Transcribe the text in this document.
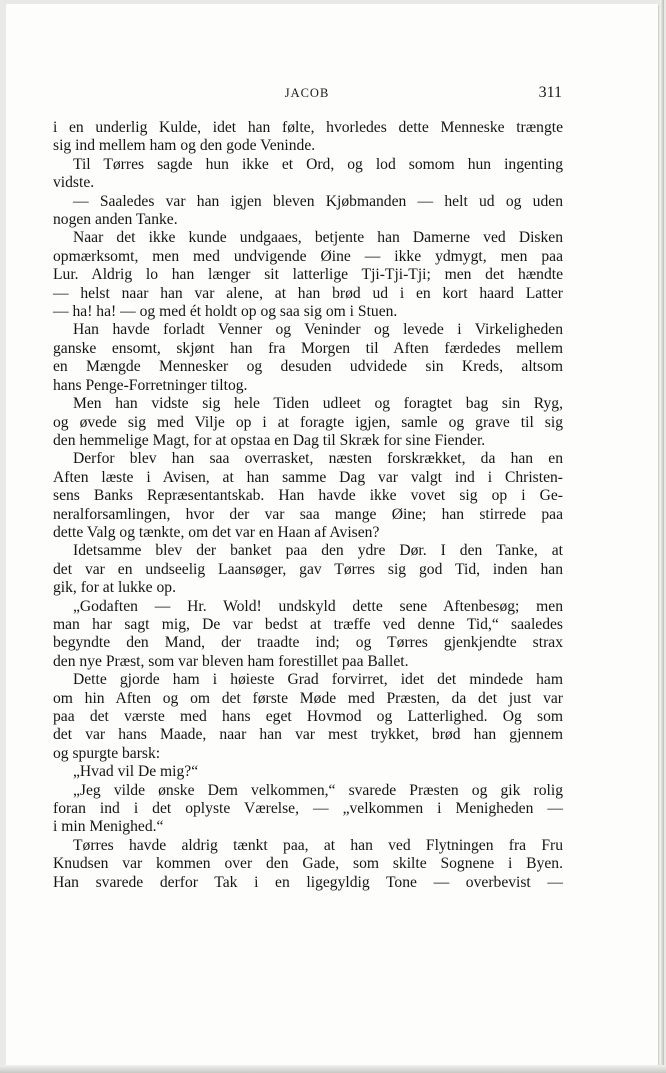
JACOB	311
i en underlig Kulde, idet han følte, hvorledes dette Menneske trængte
sig ind mellem ham og den gode Veninde.
Til Tørres sagde hun ikke et Ord, og lod somom hun ingenting
vidste.
— Saaledes var han igjen bleven Kjøbmanden — helt ud og uden
nogen anden Tanke.
Naar det ikke kunde undgaaes, betjente han Damerne ved Disken
opmærksomt, men med undvigende Øine — ikke ydmygt, men paa
Lur. Aldrig lo han længer sit latterlige Tji-Tji-Tji; men det hændte
— helst naar han var alene, at han brød ud i en kort haard Latter
— ha! ha! — og med ét holdt op og saa sig om i Stuen.
Han havde forladt Venner og Veninder og levede i Virkeligheden
ganske ensomt, skjønt han fra Morgen til Aften færdedes mellem
en Mængde Mennesker og desuden udvidede sin Kreds, altsom
hans Penge-Forretninger tiltog.
Men han vidste sig hele Tiden udleet og foragtet bag sin Ryg,
og øvede sig med Vilje op i at foragte igjen, samle og grave til sig
den hemmelige Magt, for at opstaa en Dag til Skræk for sine Fiender.
Derfor blev han saa overrasket, næsten forskrækket, da han en
Aften læste i Avisen, at han samme Dag var valgt ind i Christen-
sens Banks Repræsentantskab. Han havde ikke vovet sig op i Ge-
neralforsamlingen, hvor der var saa mange Øine; han stirrede paa
dette Valg og tænkte, om det var en Haan af Avisen?
Idetsamme blev der banket paa den ydre Dør. I den Tanke, at
det var en undseelig Laansøger, gav Tørres sig god Tid, inden han
gik, for at lukke op.
„Godaften — Hr. Wold! undskyld dette sene Aftenbesøg; men
man har sagt mig, De var bedst at træffe ved denne Tid,“ saaledes
begyndte den Mand, der traadte ind; og Tørres gjenkjendte strax
den nye Præst, som var bleven ham forestillet paa Ballet.
Dette gjorde ham i høieste Grad forvirret, idet det mindede ham
om hin Aften og om det første Møde med Præsten, da det just var
paa det værste med hans eget Hovmod og Latterlighed. Og som
det var hans Maade, naar han var mest trykket, brød han gjennem
og spurgte barsk:
„Hvad vil De mig?“
„Jeg vilde ønske Dem velkommen,“ svarede Præsten og gik rolig
foran ind i det oplyste Værelse, — „velkommen i Menigheden —
i min Menighed.“
Tørres havde aldrig tænkt paa, at han ved Flytningen fra Fru
Knudsen var kommen over den Gade, som skilte Sognene i Byen.
Han svarede derfor Tak i en ligegyldig Tone — overbevist —
